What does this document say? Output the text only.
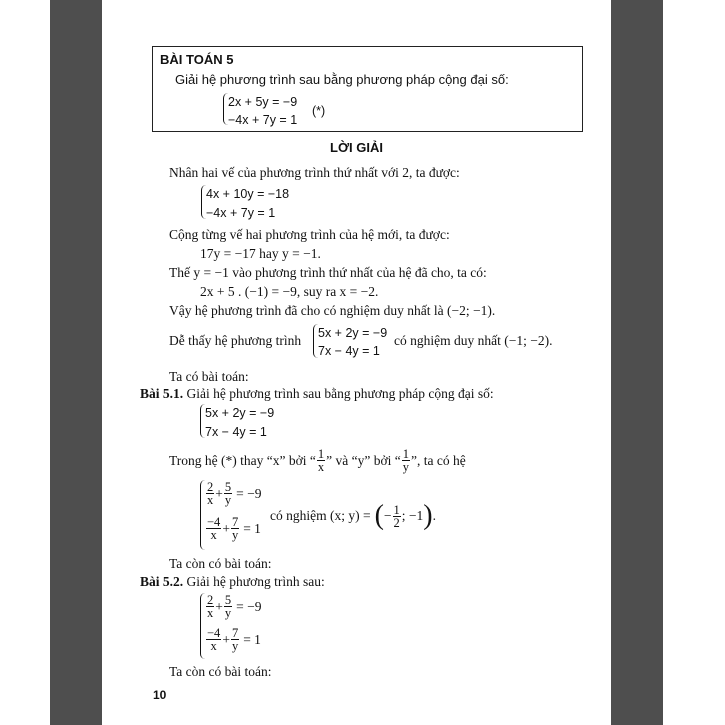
BÀI TOÁN 5
Giải hệ phương trình sau bằng phương pháp cộng đại số:
2x + 5y = −9
−4x + 7y = 1
(*)
LỜI GIẢI
Nhân hai vế của phương trình thứ nhất với 2, ta được:
4x + 10y = −18
−4x + 7y = 1
Cộng từng vế hai phương trình của hệ mới, ta được:
17y = −17 hay y = −1.
Thế y = −1 vào phương trình thứ nhất của hệ đã cho, ta có:
2x + 5 . (−1) = −9, suy ra x = −2.
Vậy hệ phương trình đã cho có nghiệm duy nhất là (−2; −1).
Dễ thấy hệ phương trình 5x + 2y = −9
7x − 4y = 1
có nghiệm duy nhất (−1; −2).
Ta có bài toán:
Bài 5.1. Giải hệ phương trình sau bằng phương pháp cộng đại số:
5x + 2y = −9
7x − 4y = 1
Trong hệ (*) thay “x” bởi “ $\frac{1}{x}$ ” và “y” bởi “ $\frac{1}{y}$ ”, ta có hệ
$\frac{2}{x} + \frac{5}{y} = -9$
$\frac{-4}{x} + \frac{7}{y} = 1$
có nghiệm (x; y) = ( − $\frac{1}{2}$ ; −1 ) .
Ta còn có bài toán:
Bài 5.2. Giải hệ phương trình sau:
$\frac{2}{x} + \frac{5}{y} = -9$
$\frac{-4}{x} + \frac{7}{y} = 1$
Ta còn có bài toán:
10
